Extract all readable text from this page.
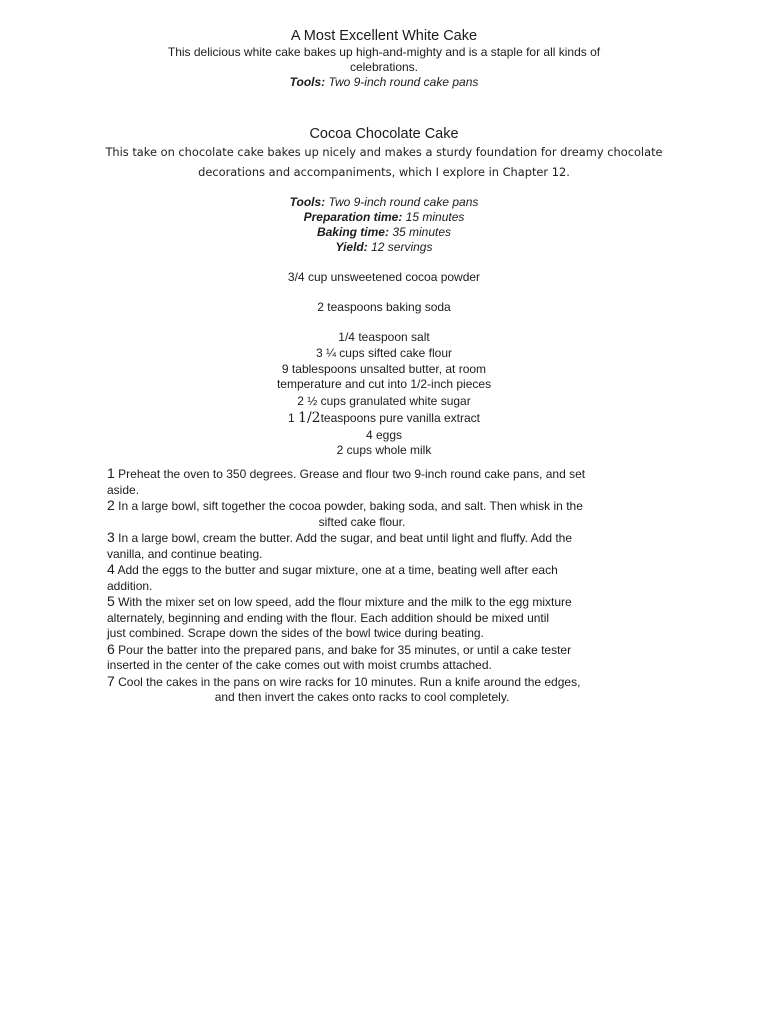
A Most Excellent White Cake
This delicious white cake bakes up high-and-mighty and is a staple for all kinds of
celebrations.
Tools: Two 9-inch round cake pans
Cocoa Chocolate Cake
This take on chocolate cake bakes up nicely and makes a sturdy foundation for dreamy chocolate
decorations and accompaniments, which I explore in Chapter 12.
Tools: Two 9-inch round cake pans
Preparation time: 15 minutes
Baking time: 35 minutes
Yield: 12 servings
3/4 cup unsweetened cocoa powder
2 teaspoons baking soda
1/4 teaspoon salt
3 ¼ cups sifted cake flour
9 tablespoons unsalted butter, at room
temperature and cut into 1/2-inch pieces
2 ½ cups granulated white sugar
1 1/2teaspoons pure vanilla extract
4 eggs
2 cups whole milk

1 Preheat the oven to 350 degrees. Grease and flour two 9-inch round cake pans, and set
aside.

2 In a large bowl, sift together the cocoa powder, baking soda, and salt. Then whisk in the
sifted cake flour.

3 In a large bowl, cream the butter. Add the sugar, and beat until light and fluffy. Add the
vanilla, and continue beating.

4 Add the eggs to the butter and sugar mixture, one at a time, beating well after each
addition.

5 With the mixer set on low speed, add the flour mixture and the milk to the egg mixture
alternately, beginning and ending with the flour. Each addition should be mixed until
just combined. Scrape down the sides of the bowl twice during beating.

6 Pour the batter into the prepared pans, and bake for 35 minutes, or until a cake tester
inserted in the center of the cake comes out with moist crumbs attached.

7 Cool the cakes in the pans on wire racks for 10 minutes. Run a knife around the edges,
and then invert the cakes onto racks to cool completely.
